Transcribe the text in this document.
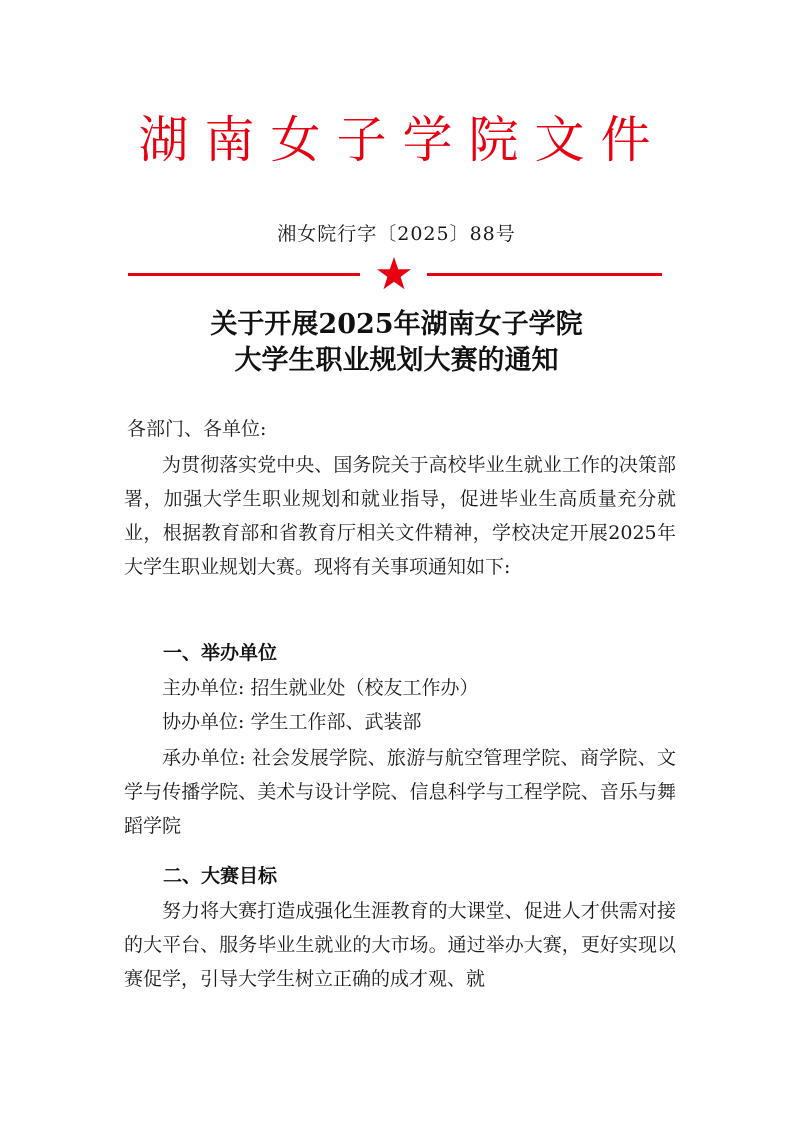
湖南女子学院文件
湘女院行字〔2025〕88号
关于开展2025年湖南女子学院
大学生职业规划大赛的通知
各部门、各单位:
为贯彻落实党中央、国务院关于高校毕业生就业工作的决策部署，加强大学生职业规划和就业指导，促进毕业生高质量充分就业，根据教育部和省教育厅相关文件精神，学校决定开展2025年大学生职业规划大赛。现将有关事项通知如下:
一、举办单位
主办单位: 招生就业处（校友工作办）
协办单位: 学生工作部、武装部
承办单位: 社会发展学院、旅游与航空管理学院、商学院、文学与传播学院、美术与设计学院、信息科学与工程学院、音乐与舞蹈学院
二、大赛目标
努力将大赛打造成强化生涯教育的大课堂、促进人才供需对接的大平台、服务毕业生就业的大市场。通过举办大赛，更好实现以赛促学，引导大学生树立正确的成才观、就
